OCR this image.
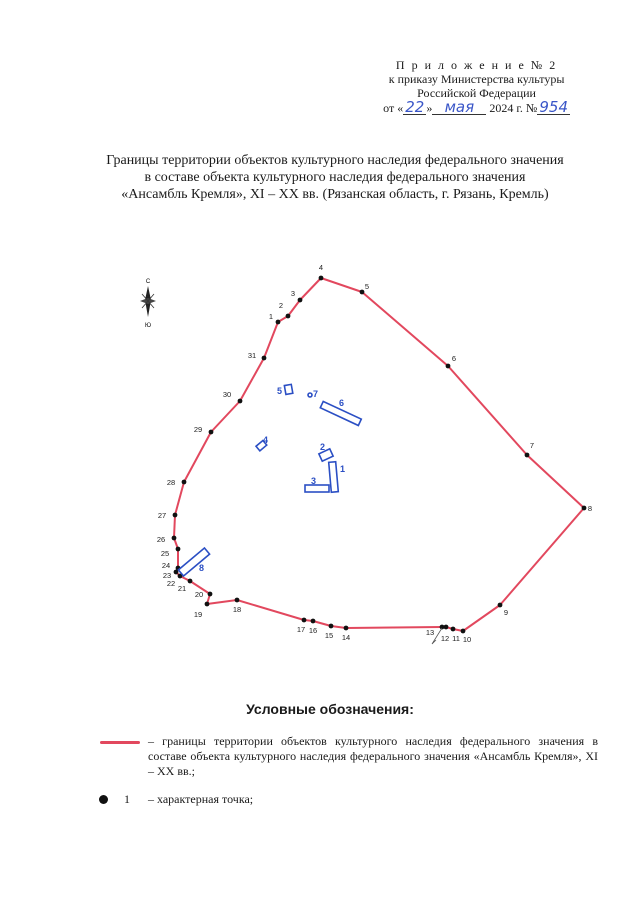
П р и л о ж е н и е № 2
к приказу Министерства культуры
Российской Федерации
от « 22 » мая 2024 г. № 954
Границы территории объектов культурного наследия федерального значения
в составе объекта культурного наследия федерального значения
«Ансамбль Кремля», XI – XX вв. (Рязанская область, г. Рязань, Кремль)
С
Ю
1
2
3
4
5
6
7
8
9
10
11
12
13
14
15
16
17
18
19
20
21
22
23
24
25
26
27
28
29
30
31
1
2
3
4
5	7
6
8
Условные обозначения:
– границы территории объектов культурного наследия федерального значения в составе объекта культурного наследия федерального значения «Ансамбль Кремля», XI – XX вв.;
1 – характерная точка;
